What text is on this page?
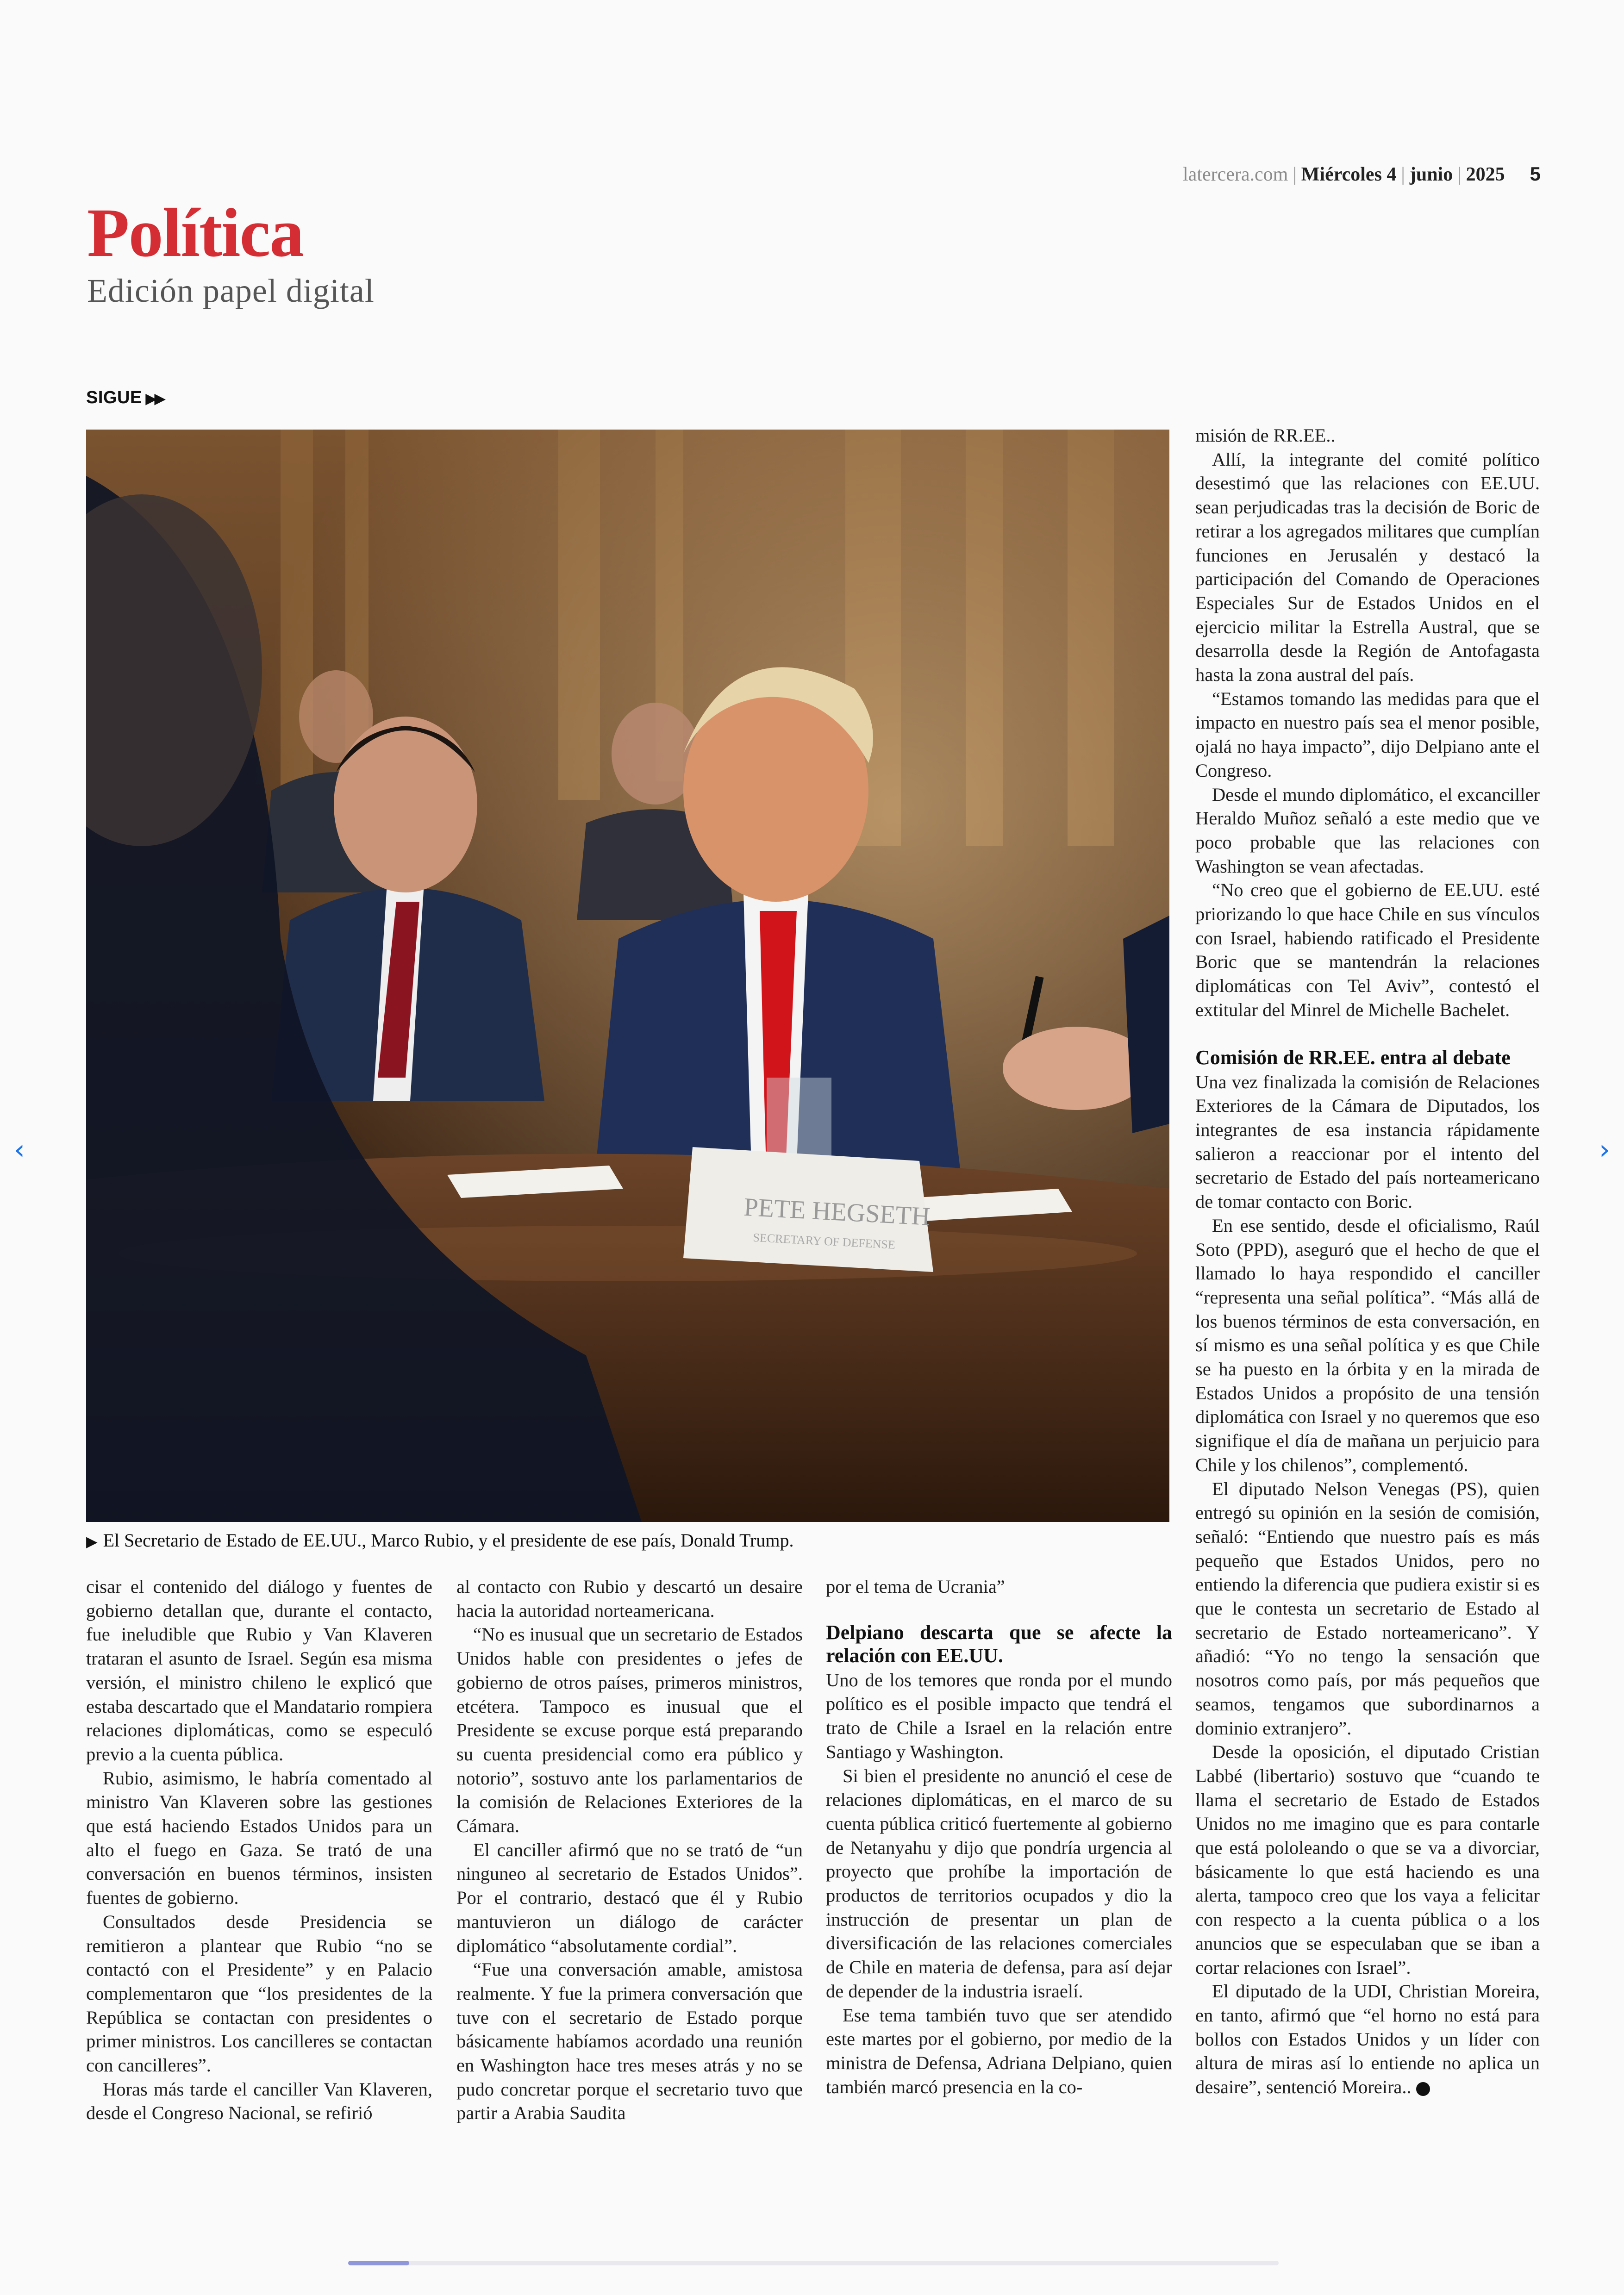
latercera.com | Miércoles 4 | junio | 2025 5
Política
Edición papel digital
SIGUE ▶▶
PETE HEGSETH
SECRETARY OF DEFENSE
▶ El Secretario de Estado de EE.UU., Marco Rubio, y el presidente de ese país, Donald Trump.

cisar el contenido del diálogo y fuentes de gobierno detallan que, durante el contacto, fue ineludible que Rubio y Van Klaveren trataran el asunto de Israel. Según esa misma versión, el ministro chileno le explicó que estaba descartado que el Mandatario rompiera relaciones diplomáticas, como se especuló previo a la cuenta pública.

Rubio, asimismo, le habría comentado al ministro Van Klaveren sobre las gestiones que está haciendo Estados Unidos para un alto el fuego en Gaza. Se trató de una conversación en buenos términos, insisten fuentes de gobierno.

Consultados desde Presidencia se remitieron a plantear que Rubio “no se contactó con el Presidente” y en Palacio complementaron que “los presidentes de la República se contactan con presidentes o primer ministros. Los cancilleres se contactan con cancilleres”.

Horas más tarde el canciller Van Klaveren, desde el Congreso Nacional, se refirió

al contacto con Rubio y descartó un desaire hacia la autoridad norteamericana.

“No es inusual que un secretario de Estados Unidos hable con presidentes o jefes de gobierno de otros países, primeros ministros, etcétera. Tampoco es inusual que el Presidente se excuse porque está preparando su cuenta presidencial como era público y notorio”, sostuvo ante los parlamentarios de la comisión de Relaciones Exteriores de la Cámara.

El canciller afirmó que no se trató de “un ninguneo al secretario de Estados Unidos”. Por el contrario, destacó que él y Rubio mantuvieron un diálogo de carácter diplomático “absolutamente cordial”.

“Fue una conversación amable, amistosa realmente. Y fue la primera conversación que tuve con el secretario de Estado porque básicamente habíamos acordado una reunión en Washington hace tres meses atrás y no se pudo concretar porque el secretario tuvo que partir a Arabia Saudita

por el tema de Ucrania”

Delpiano descarta que se afecte la relación con EE.UU.

Uno de los temores que ronda por el mundo político es el posible impacto que tendrá el trato de Chile a Israel en la relación entre Santiago y Washington.

Si bien el presidente no anunció el cese de relaciones diplomáticas, en el marco de su cuenta pública criticó fuertemente al gobierno de Netanyahu y dijo que pondría urgencia al proyecto que prohíbe la importación de productos de territorios ocupados y dio la instrucción de presentar un plan de diversificación de las relaciones comerciales de Chile en materia de defensa, para así dejar de depender de la industria israelí.

Ese tema también tuvo que ser atendido este martes por el gobierno, por medio de la ministra de Defensa, Adriana Delpiano, quien también marcó presencia en la co-

misión de RR.EE..

Allí, la integrante del comité político desestimó que las relaciones con EE.UU. sean perjudicadas tras la decisión de Boric de retirar a los agregados militares que cumplían funciones en Jerusalén y destacó la participación del Comando de Operaciones Especiales Sur de Estados Unidos en el ejercicio militar la Estrella Austral, que se desarrolla desde la Región de Antofagasta hasta la zona austral del país.

“Estamos tomando las medidas para que el impacto en nuestro país sea el menor posible, ojalá no haya impacto”, dijo Delpiano ante el Congreso.

Desde el mundo diplomático, el excanciller Heraldo Muñoz señaló a este medio que ve poco probable que las relaciones con Washington se vean afectadas.

“No creo que el gobierno de EE.UU. esté priorizando lo que hace Chile en sus vínculos con Israel, habiendo ratificado el Presidente Boric que se mantendrán la relaciones diplomáticas con Tel Aviv”, contestó el extitular del Minrel de Michelle Bachelet.

Comisión de RR.EE. entra al debate

Una vez finalizada la comisión de Relaciones Exteriores de la Cámara de Diputados, los integrantes de esa instancia rápidamente salieron a reaccionar por el intento del secretario de Estado del país norteamericano de tomar contacto con Boric.

En ese sentido, desde el oficialismo, Raúl Soto (PPD), aseguró que el hecho de que el llamado lo haya respondido el canciller “representa una señal política”. “Más allá de los buenos términos de esta conversación, en sí mismo es una señal política y es que Chile se ha puesto en la órbita y en la mirada de Estados Unidos a propósito de una tensión diplomática con Israel y no queremos que eso signifique el día de mañana un perjuicio para Chile y los chilenos”, complementó.

El diputado Nelson Venegas (PS), quien entregó su opinión en la sesión de comisión, señaló: “Entiendo que nuestro país es más pequeño que Estados Unidos, pero no entiendo la diferencia que pudiera existir si es que le contesta un secretario de Estado al secretario de Estado norteamericano”. Y añadió: “Yo no tengo la sensación que nosotros como país, por más pequeños que seamos, tengamos que subordinarnos a dominio extranjero”.

Desde la oposición, el diputado Cristian Labbé (libertario) sostuvo que “cuando te llama el secretario de Estado de Estados Unidos no me imagino que es para contarle que está pololeando o que se va a divorciar, básicamente lo que está haciendo es una alerta, tampoco creo que los vaya a felicitar con respecto a la cuenta pública o a los anuncios que se especulaban que se iban a cortar relaciones con Israel”.

El diputado de la UDI, Christian Moreira, en tanto, afirmó que “el horno no está para bollos con Estados Unidos y un líder con altura de miras así lo entiende no aplica un desaire”, sentenció Moreira..

‹	›
